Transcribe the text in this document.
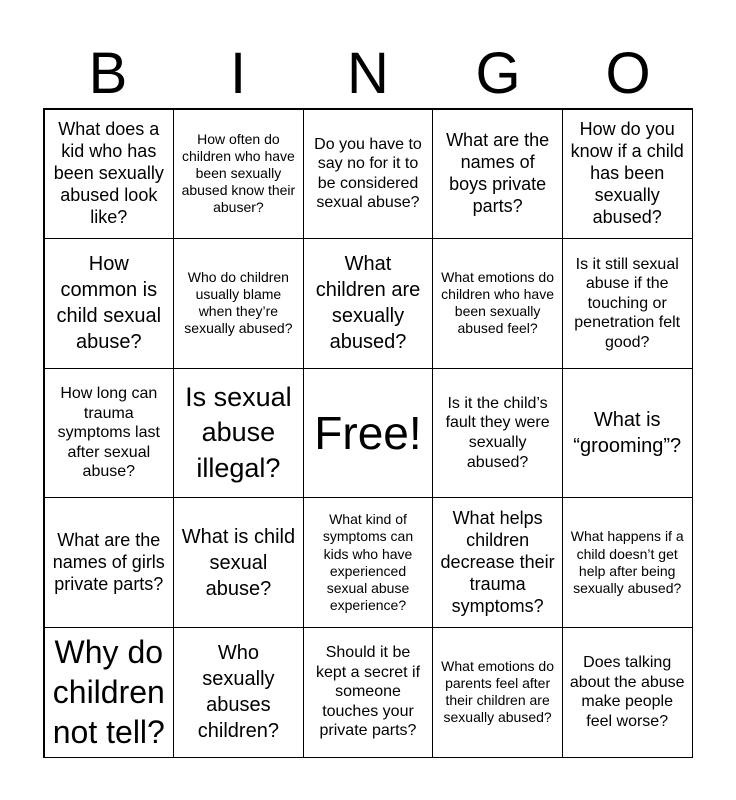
B	I	N	G	O
What does a kid who has been sexually abused look like?
How often do children who have been sexually abused know their abuser?
Do you have to say no for it to be considered sexual abuse?
What are the names of boys private parts?
How do you know if a child has been sexually abused?
How common is child sexual abuse?
Who do children usually blame when they’re sexually abused?
What children are sexually abused?
What emotions do children who have been sexually abused feel?
Is it still sexual abuse if the touching or penetration felt good?
How long can trauma symptoms last after sexual abuse?
Is sexual abuse illegal?
Free!
Is it the child’s fault they were sexually abused?
What is “grooming”?
What are the names of girls private parts?
What is child sexual abuse?
What kind of symptoms can kids who have experienced sexual abuse experience?
What helps children decrease their trauma symptoms?
What happens if a child doesn’t get help after being sexually abused?
Why do children not tell?
Who sexually abuses children?
Should it be kept a secret if someone touches your private parts?
What emotions do parents feel after their children are sexually abused?
Does talking about the abuse make people feel worse?
